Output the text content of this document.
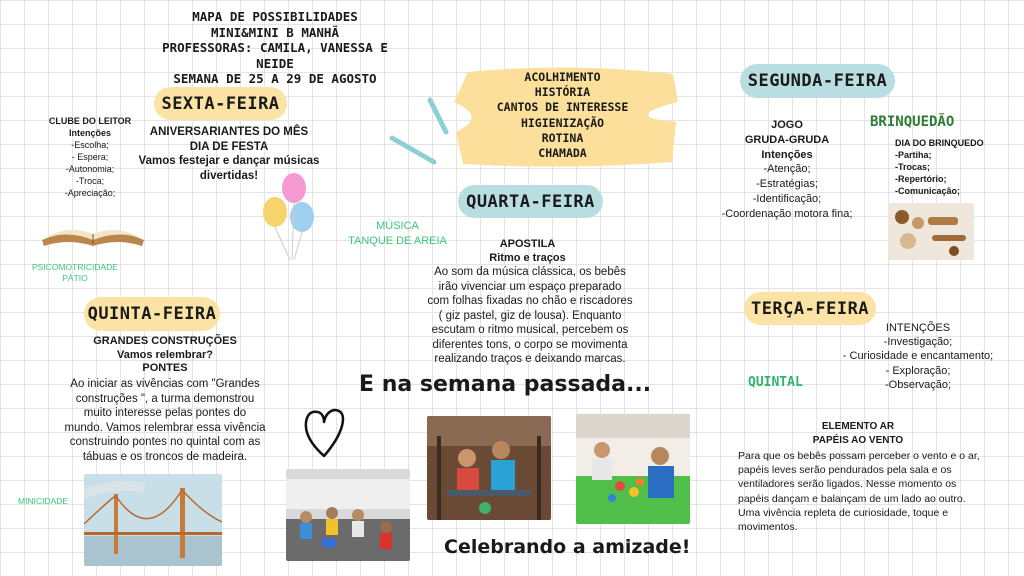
MAPA DE POSSIBILIDADES
MINI&MINI B MANHÃ
PROFESSORAS: CAMILA, VANESSA E NEIDE
SEMANA DE 25 A 29 DE AGOSTO
SEXTA-FEIRA
ANIVERSARIANTES DO MÊS
DIA DE FESTA
Vamos festejar e dançar músicas
divertidas!
CLUBE DO LEITOR
Intenções
-Escolha;
- Espera;
-Autonomia;
-Troca;
-Apreciação;
PSICOMOTRICIDADE
PÁTIO
ACOLHIMENTO
HISTÓRIA
CANTOS DE INTERESSE
HIGIENIZAÇÃO
ROTINA
CHAMADA
QUARTA-FEIRA
MÚSICA
TANQUE DE AREIA	APOSTILA
Ritmo e traços
Ao som da música clássica, os bebês
irão vivenciar um espaço preparado
com folhas fixadas no chão e riscadores
( giz pastel, giz de lousa). Enquanto
escutam o ritmo musical, percebem os
diferentes tons, o corpo se movimenta
realizando traços e deixando marcas.
SEGUNDA-FEIRA
JOGO
GRUDA-GRUDA
Intenções
-Atenção;
-Estratégias;
-Identificação;
-Coordenação motora fina;
BRINQUEDÃO
DIA DO BRINQUEDO
-Partiha;
-Trocas;
-Repertório;
-Comunicação;
QUINTA-FEIRA
GRANDES CONSTRUÇÕES
Vamos relembrar?
PONTES
Ao iniciar as vivências com "Grandes
construções ", a turma demonstrou
muito interesse pelas pontes do
mundo. Vamos relembrar essa vivência
construindo pontes no quintal com as
tábuas e os troncos de madeira.
MINICIDADE
TERÇA-FEIRA
INTENÇÕES
-Investigação;
- Curiosidade e encantamento;
- Exploração;
-Observação;
QUINTAL
ELEMENTO AR
PAPÉIS AO VENTO
Para que os bebês possam perceber o vento e o ar,
papéis leves serão pendurados pela sala e os
ventiladores serão ligados. Nesse momento os
papéis dançam e balançam de um lado ao outro.
Uma vivência repleta de curiosidade, toque e
movimentos.
E na semana passada...
Celebrando a amizade!
